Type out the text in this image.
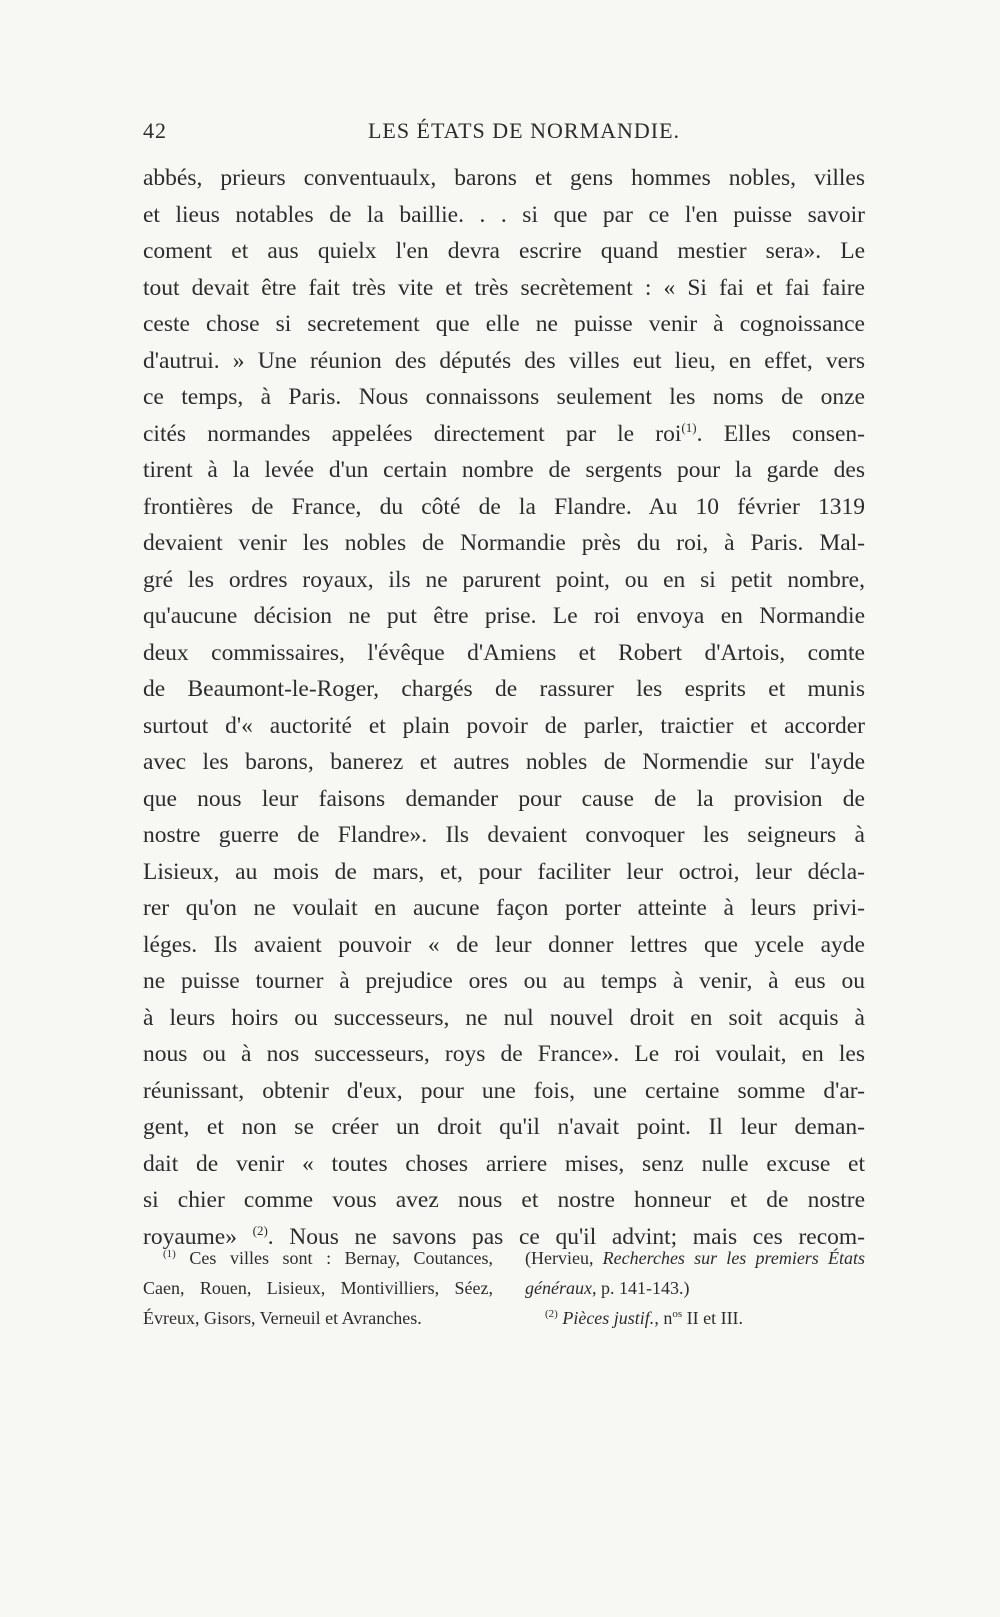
42	LES ÉTATS DE NORMANDIE.
abbés, prieurs conventuaulx, barons et gens hommes nobles, villes
et lieus notables de la baillie. . . si que par ce l'en puisse savoir
coment et aus quielx l'en devra escrire quand mestier sera». Le
tout devait être fait très vite et très secrètement : « Si fai et fai faire
ceste chose si secretement que elle ne puisse venir à cognoissance
d'autrui. » Une réunion des députés des villes eut lieu, en effet, vers
ce temps, à Paris. Nous connaissons seulement les noms de onze
cités normandes appelées directement par le roi$^{(1)}$. Elles consen-
tirent à la levée d'un certain nombre de sergents pour la garde des
frontières de France, du côté de la Flandre. Au 10 février 1319
devaient venir les nobles de Normandie près du roi, à Paris. Mal-
gré les ordres royaux, ils ne parurent point, ou en si petit nombre,
qu'aucune décision ne put être prise. Le roi envoya en Normandie
deux commissaires, l'évêque d'Amiens et Robert d'Artois, comte
de Beaumont-le-Roger, chargés de rassurer les esprits et munis
surtout d'« auctorité et plain povoir de parler, traictier et accorder
avec les barons, banerez et autres nobles de Normendie sur l'ayde
que nous leur faisons demander pour cause de la provision de
nostre guerre de Flandre». Ils devaient convoquer les seigneurs à
Lisieux, au mois de mars, et, pour faciliter leur octroi, leur décla-
rer qu'on ne voulait en aucune façon porter atteinte à leurs privi-
léges. Ils avaient pouvoir « de leur donner lettres que ycele ayde
ne puisse tourner à prejudice ores ou au temps à venir, à eus ou
à leurs hoirs ou successeurs, ne nul nouvel droit en soit acquis à
nous ou à nos successeurs, roys de France». Le roi voulait, en les
réunissant, obtenir d'eux, pour une fois, une certaine somme d'ar-
gent, et non se créer un droit qu'il n'avait point. Il leur deman-
dait de venir « toutes choses arriere mises, senz nulle excuse et
si chier comme vous avez nous et nostre honneur et de nostre
royaume» $^{(2)}$. Nous ne savons pas ce qu'il advint; mais ces recom-
$^{(1)}$ Ces villes sont : Bernay, Coutances,
Caen, Rouen, Lisieux, Montivilliers, Séez,
Évreux, Gisors, Verneuil et Avranches.
(Hervieu, Recherches sur les premiers États
généraux, p. 141-143.)
$^{(2)}$ Pièces justif., $n^{os}$ II et III.
